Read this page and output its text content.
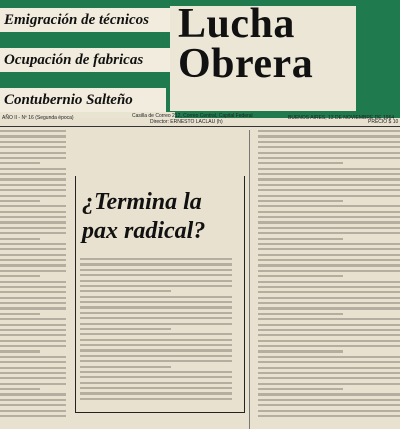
Lucha Obrera
Emigración de técnicos
Ocupación de fabricas
Contubernio Salteño
AÑO II - Nº 16 (Segunda época)	Casilla de Correo 212, Correo Central, Capital Federal
Director: ERNESTO LACLAU (h)
BUENOS AIRES, 13 DE NOVIEMBRE DE 1964
PRECIO $ 10
¿Termina la pax radical?
